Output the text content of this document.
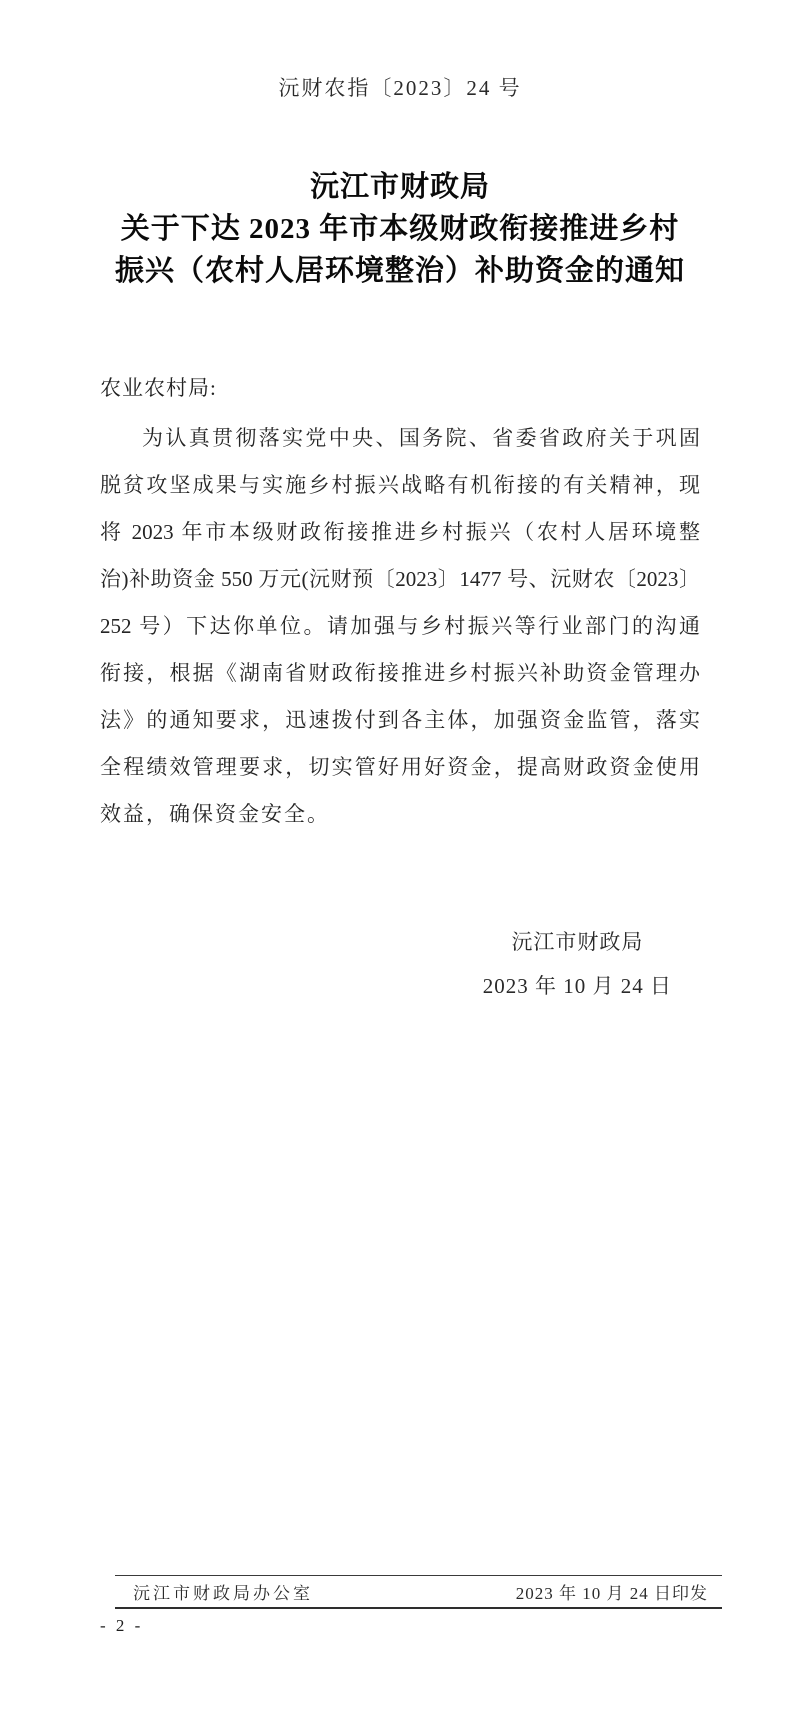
沅财农指〔2023〕24 号
沅江市财政局
关于下达 2023 年市本级财政衔接推进乡村
振兴（农村人居环境整治）补助资金的通知
农业农村局:
为认真贯彻落实党中央、国务院、省委省政府关于巩固
脱贫攻坚成果与实施乡村振兴战略有机衔接的有关精神，现
将 2023 年市本级财政衔接推进乡村振兴（农村人居环境整
治)补助资金 550 万元(沅财预〔2023〕1477 号、沅财农〔2023〕
252 号）下达你单位。请加强与乡村振兴等行业部门的沟通
衔接，根据《湖南省财政衔接推进乡村振兴补助资金管理办
法》的通知要求，迅速拨付到各主体，加强资金监管，落实
全程绩效管理要求，切实管好用好资金，提高财政资金使用
效益，确保资金安全。
沅江市财政局
2023 年 10 月 24 日
沅江市财政局办公室	2023 年 10 月 24 日印发
- 2 -
